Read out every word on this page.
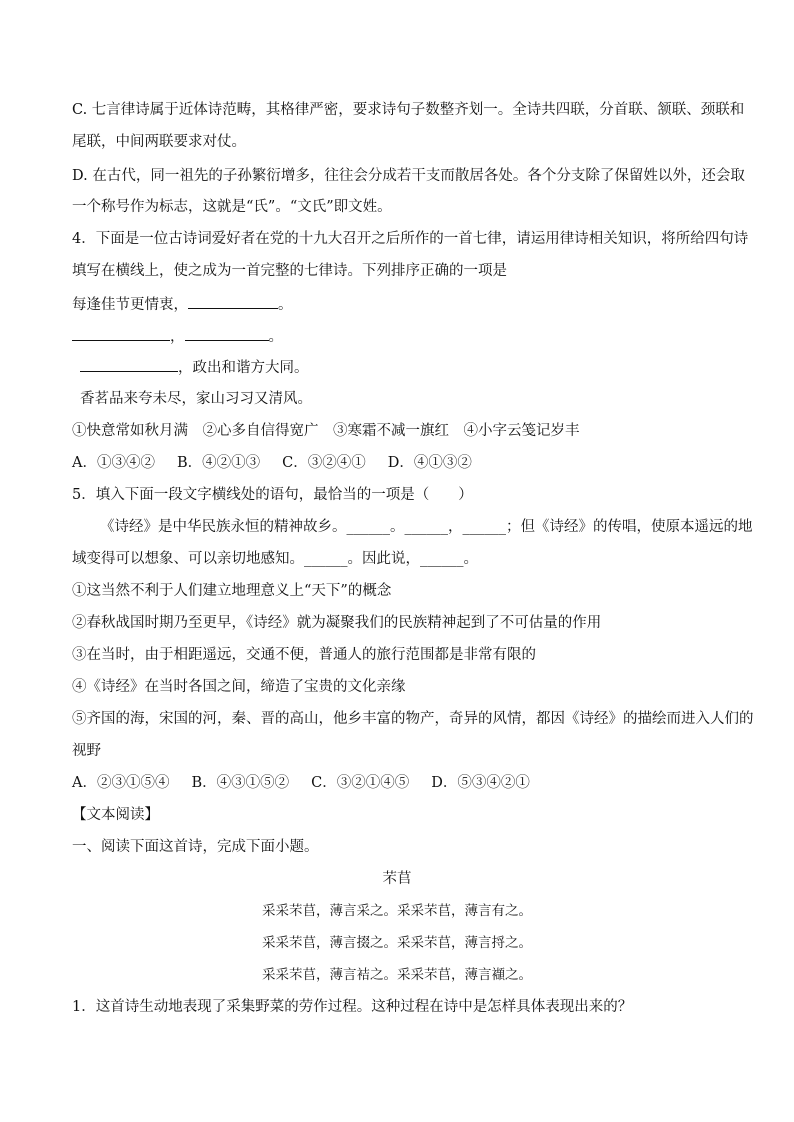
C. 七言律诗属于近体诗范畴，其格律严密，要求诗句子数整齐划一。全诗共四联，分首联、颔联、颈联和
尾联，中间两联要求对仗。
D. 在古代，同一祖先的子孙繁衍增多，往往会分成若干支而散居各处。各个分支除了保留姓以外，还会取
一个称号作为标志，这就是“氏”。“文氏”即文姓。
4．下面是一位古诗词爱好者在党的十九大召开之后所作的一首七律，请运用律诗相关知识，将所给四句诗
填写在横线上，使之成为一首完整的七律诗。下列排序正确的一项是
每逢佳节更情衷，	。
，	。
，政出和谐方大同。
香茗品来夸未尽，家山习习又清风。
①快意常如秋月满　②心多自信得宽广　③寒霜不减一旗红　④小字云笺记岁丰
A．①③④② B．④②①③ C．③②④① D．④①③②
5．填入下面一段文字横线处的语句，最恰当的一项是（　　）
《诗经》是中华民族永恒的精神故乡。______。______，______；但《诗经》的传唱，使原本遥远的地
域变得可以想象、可以亲切地感知。______。因此说，______。
①这当然不利于人们建立地理意义上“天下”的概念
②春秋战国时期乃至更早，《诗经》就为凝聚我们的民族精神起到了不可估量的作用
③在当时，由于相距遥远，交通不便，普通人的旅行范围都是非常有限的
④《诗经》在当时各国之间，缔造了宝贵的文化亲缘
⑤齐国的海，宋国的河，秦、晋的高山，他乡丰富的物产，奇异的风情，都因《诗经》的描绘而进入人们的
视野
A．②③①⑤④ B．④③①⑤② C．③②①④⑤ D．⑤③④②①
【文本阅读】
一、阅读下面这首诗，完成下面小题。
芣苢
采采芣苢，薄言采之。采采芣苢，薄言有之。
采采芣苢，薄言掇之。采采芣苢，薄言捋之。
采采芣苢，薄言袺之。采采芣苢，薄言襭之。
1．这首诗生动地表现了采集野菜的劳作过程。这种过程在诗中是怎样具体表现出来的？
